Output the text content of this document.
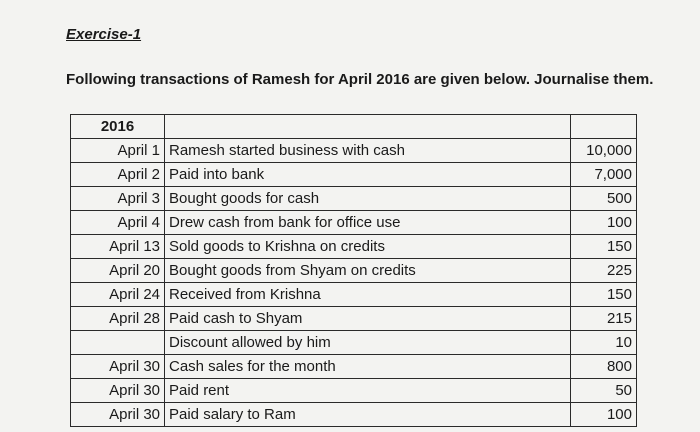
Exercise-1

Following transactions of Ramesh for April 2016 are given below. Journalise them.

2016		
April 1	Ramesh started business with cash	10,000
April 2	Paid into bank	7,000
April 3	Bought goods for cash	500
April 4	Drew cash from bank for office use	100
April 13	Sold goods to Krishna on credits	150
April 20	Bought goods from Shyam on credits	225
April 24	Received from Krishna	150
April 28	Paid cash to Shyam	215
	Discount allowed by him	10
April 30	Cash sales for the month	800
April 30	Paid rent	50
April 30	Paid salary to Ram	100
